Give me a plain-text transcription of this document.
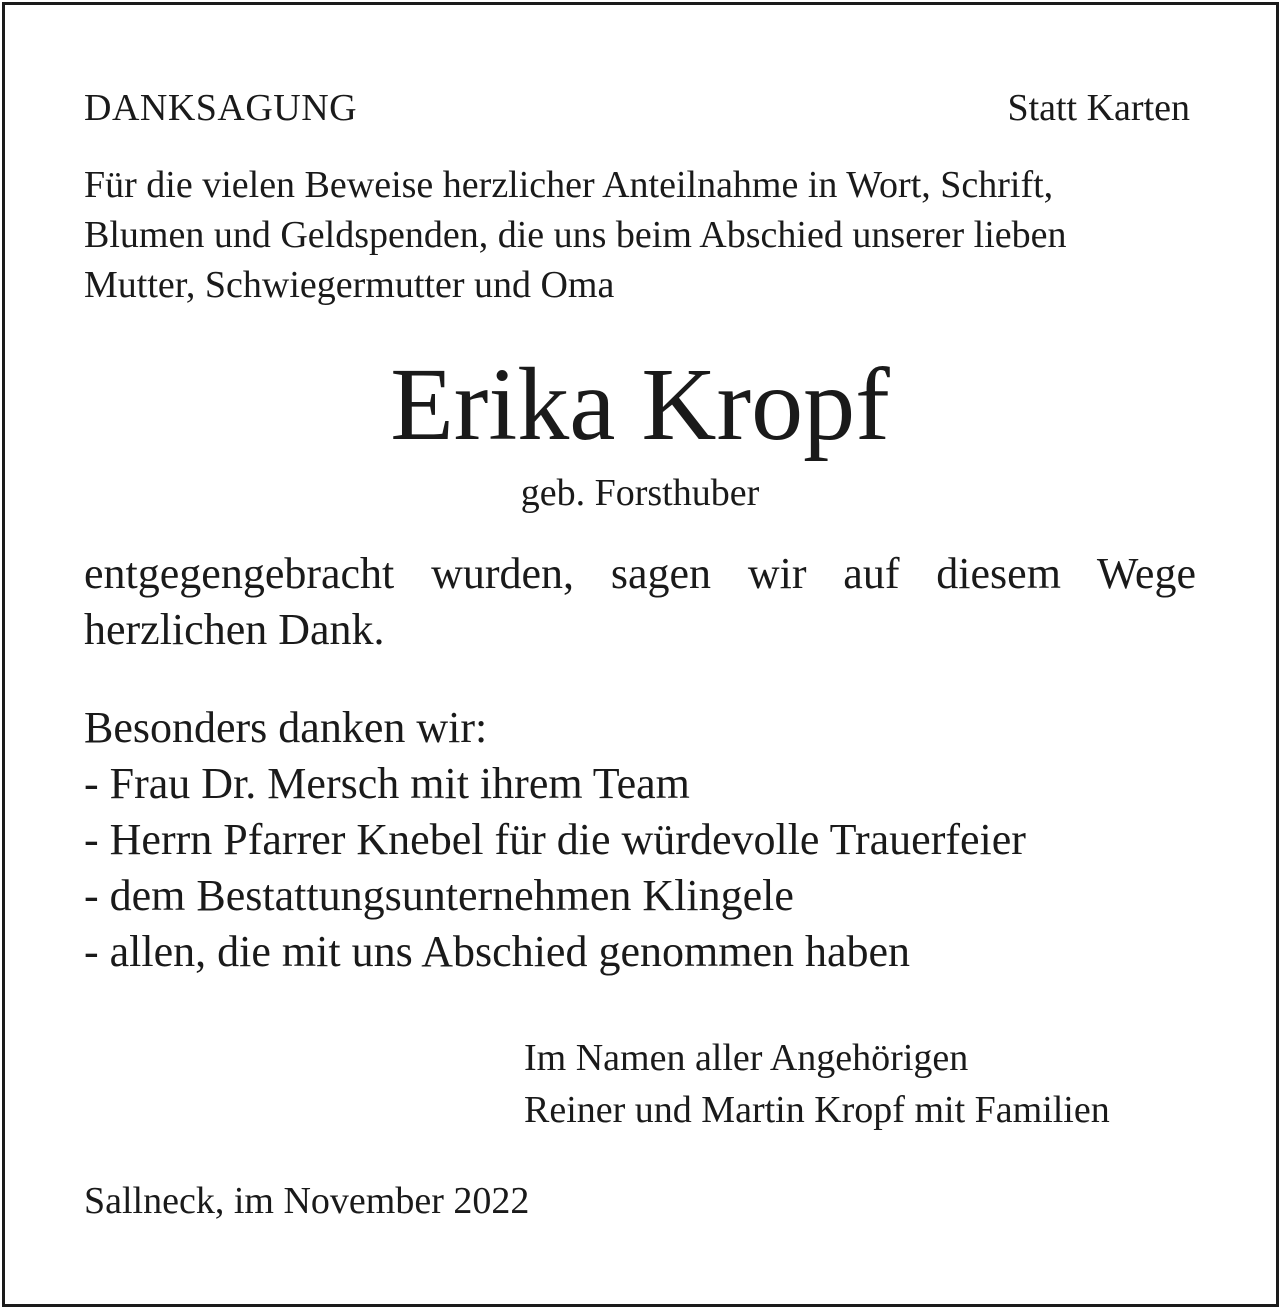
DANKSAGUNG	Statt Karten
Für die vielen Beweise herzlicher Anteilnahme in Wort, Schrift,
Blumen und Geldspenden, die uns beim Abschied unserer lieben
Mutter, Schwiegermutter und Oma
Erika Kropf
geb. Forsthuber
entgegengebracht wurden, sagen wir auf diesem Wege
herzlichen Dank.
Besonders danken wir:
- Frau Dr. Mersch mit ihrem Team
- Herrn Pfarrer Knebel für die würdevolle Trauerfeier
- dem Bestattungsunternehmen Klingele
- allen, die mit uns Abschied genommen haben
Im Namen aller Angehörigen
Reiner und Martin Kropf mit Familien
Sallneck, im November 2022
